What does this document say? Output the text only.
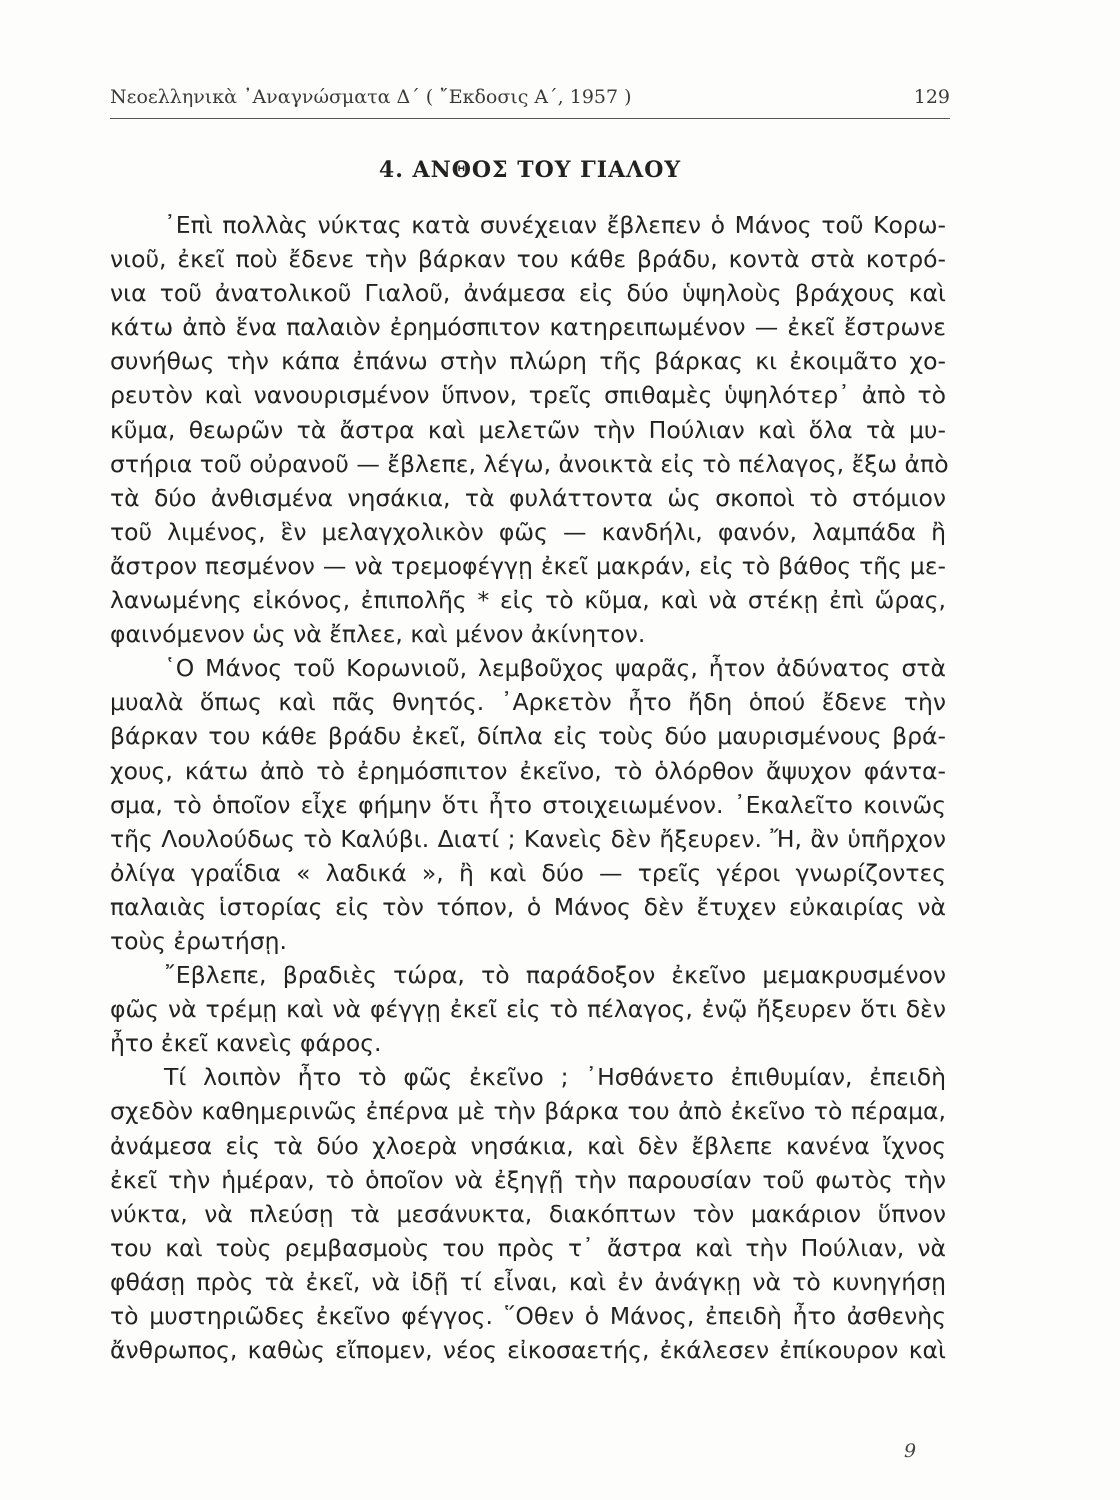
Νεοελληνικὰ ᾿Αναγνώσματα Δ΄ ( ῎Εκδοσις Α΄, 1957 )	129
4. ΑΝΘΟΣ ΤΟΥ ΓΙΑΛΟΥ
᾿Επὶ πολλὰς νύκτας κατὰ συνέχειαν ἔβλεπεν ὁ Μάνος τοῦ Κορω-
νιοῦ, ἐκεῖ ποὺ ἔδενε τὴν βάρκαν του κάθε βράδυ, κοντὰ στὰ κοτρό-
νια τοῦ ἀνατολικοῦ Γιαλοῦ, ἀνάμεσα εἰς δύο ὑψηλοὺς βράχους καὶ
κάτω ἀπὸ ἕνα παλαιὸν ἐρημόσπιτον κατηρειπωμένον — ἐκεῖ ἔστρωνε
συνήθως τὴν κάπα ἐπάνω στὴν πλώρη τῆς βάρκας κι ἐκοιμᾶτο χο-
ρευτὸν καὶ νανουρισμένον ὕπνον, τρεῖς σπιθαμὲς ὑψηλότερ᾿ ἀπὸ τὸ
κῦμα, θεωρῶν τὰ ἄστρα καὶ μελετῶν τὴν Πούλιαν καὶ ὅλα τὰ μυ-
στήρια τοῦ οὐρανοῦ — ἔβλεπε, λέγω, ἀνοικτὰ εἰς τὸ πέλαγος, ἔξω ἀπὸ
τὰ δύο ἀνθισμένα νησάκια, τὰ φυλάττοντα ὡς σκοποὶ τὸ στόμιον
τοῦ λιμένος, ἓν μελαγχολικὸν φῶς — κανδήλι, φανόν, λαμπάδα ἢ
ἄστρον πεσμένον — νὰ τρεμοφέγγῃ ἐκεῖ μακράν, εἰς τὸ βάθος τῆς με-
λανωμένης εἰκόνος, ἐπιπολῆς * εἰς τὸ κῦμα, καὶ νὰ στέκῃ ἐπὶ ὥρας,
φαινόμενον ὡς νὰ ἔπλεε, καὶ μένον ἀκίνητον.
῾Ο Μάνος τοῦ Κορωνιοῦ, λεμβοῦχος ψαρᾶς, ἦτον ἀδύνατος στὰ
μυαλὰ ὅπως καὶ πᾶς θνητός. ᾿Αρκετὸν ἦτο ἤδη ὁπού ἔδενε τὴν
βάρκαν του κάθε βράδυ ἐκεῖ, δίπλα εἰς τοὺς δύο μαυρισμένους βρά-
χους, κάτω ἀπὸ τὸ ἐρημόσπιτον ἐκεῖνο, τὸ ὁλόρθον ἄψυχον φάντα-
σμα, τὸ ὁποῖον εἶχε φήμην ὅτι ἦτο στοιχειωμένον. ᾿Εκαλεῖτο κοινῶς
τῆς Λουλούδως τὸ Καλύβι. Διατί ; Κανεὶς δὲν ἤξευρεν. Ἤ, ἂν ὑπῆρχον
ὀλίγα γραΐδια « λαδικά », ἢ καὶ δύο — τρεῖς γέροι γνωρίζοντες
παλαιὰς ἱστορίας εἰς τὸν τόπον, ὁ Μάνος δὲν ἔτυχεν εὐκαιρίας νὰ
τοὺς ἐρωτήσῃ.
῎Εβλεπε, βραδιὲς τώρα, τὸ παράδοξον ἐκεῖνο μεμακρυσμένον
φῶς νὰ τρέμῃ καὶ νὰ φέγγῃ ἐκεῖ εἰς τὸ πέλαγος, ἐνῷ ἤξευρεν ὅτι δὲν
ἦτο ἐκεῖ κανεὶς φάρος.
Τί λοιπὸν ἦτο τὸ φῶς ἐκεῖνο ; ᾿Ησθάνετο ἐπιθυμίαν, ἐπειδὴ
σχεδὸν καθημερινῶς ἐπέρνα μὲ τὴν βάρκα του ἀπὸ ἐκεῖνο τὸ πέραμα,
ἀνάμεσα εἰς τὰ δύο χλοερὰ νησάκια, καὶ δὲν ἔβλεπε κανένα ἴχνος
ἐκεῖ τὴν ἡμέραν, τὸ ὁποῖον νὰ ἐξηγῇ τὴν παρουσίαν τοῦ φωτὸς τὴν
νύκτα, νὰ πλεύσῃ τὰ μεσάνυκτα, διακόπτων τὸν μακάριον ὕπνον
του καὶ τοὺς ρεμβασμοὺς του πρὸς τ᾿ ἄστρα καὶ τὴν Πούλιαν, νὰ
φθάσῃ πρὸς τὰ ἐκεῖ, νὰ ἰδῇ τί εἶναι, καὶ ἐν ἀνάγκῃ νὰ τὸ κυνηγήσῃ
τὸ μυστηριῶδες ἐκεῖνο φέγγος. ῞Οθεν ὁ Μάνος, ἐπειδὴ ἦτο ἀσθενὴς
ἄνθρωπος, καθὼς εἴπομεν, νέος εἰκοσαετής, ἐκάλεσεν ἐπίκουρον καὶ
9
